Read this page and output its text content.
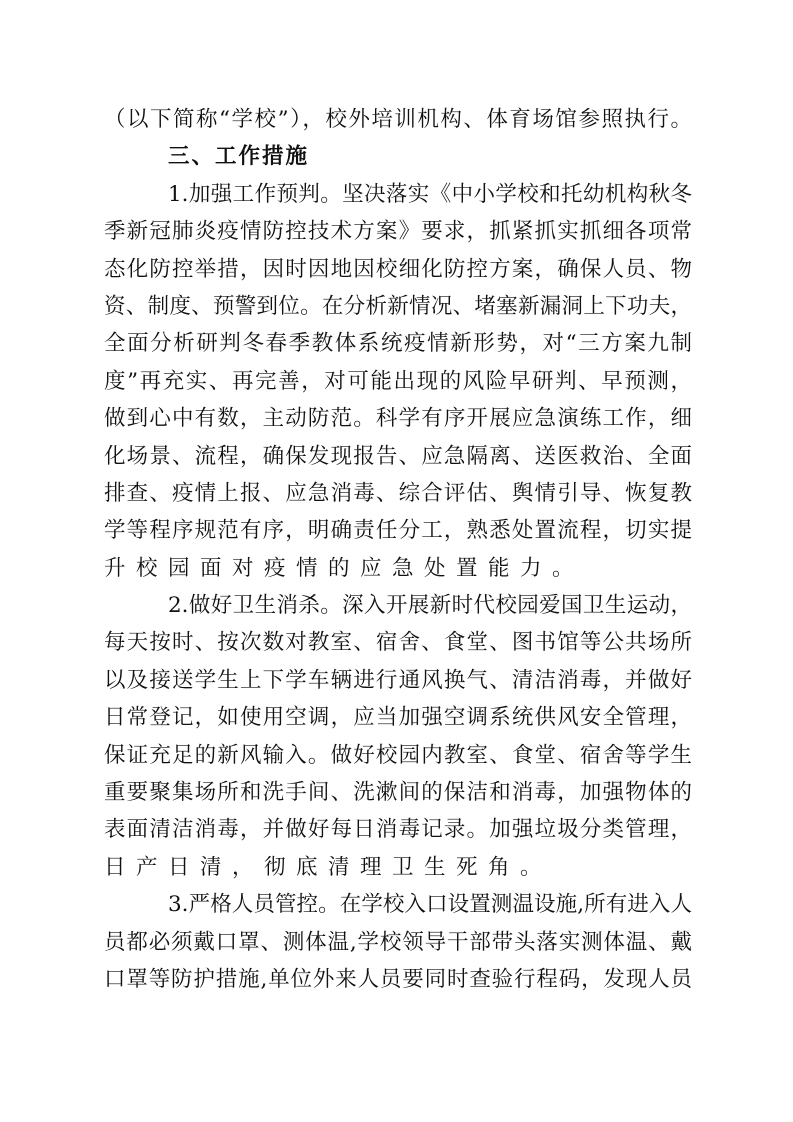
（以下简称“学校”），校外培训机构、体育场馆参照执行。
三、工作措施
1.加强工作预判。坚决落实《中小学校和托幼机构秋冬
季新冠肺炎疫情防控技术方案》要求，抓紧抓实抓细各项常
态化防控举措，因时因地因校细化防控方案，确保人员、物
资、制度、预警到位。在分析新情况、堵塞新漏洞上下功夫，
全面分析研判冬春季教体系统疫情新形势，对“三方案九制
度”再充实、再完善，对可能出现的风险早研判、早预测，
做到心中有数，主动防范。科学有序开展应急演练工作，细
化场景、流程，确保发现报告、应急隔离、送医救治、全面
排查、疫情上报、应急消毒、综合评估、舆情引导、恢复教
学等程序规范有序，明确责任分工，熟悉处置流程，切实提
升校园面对疫情的应急处置能力。
2.做好卫生消杀。深入开展新时代校园爱国卫生运动，
每天按时、按次数对教室、宿舍、食堂、图书馆等公共场所
以及接送学生上下学车辆进行通风换气、清洁消毒，并做好
日常登记，如使用空调，应当加强空调系统供风安全管理，
保证充足的新风输入。做好校园内教室、食堂、宿舍等学生
重要聚集场所和洗手间、洗漱间的保洁和消毒，加强物体的
表面清洁消毒，并做好每日消毒记录。加强垃圾分类管理，
日产日清，彻底清理卫生死角。
3.严格人员管控。在学校入口设置测温设施,所有进入人
员都必须戴口罩、测体温,学校领导干部带头落实测体温、戴
口罩等防护措施,单位外来人员要同时查验行程码，发现人员
